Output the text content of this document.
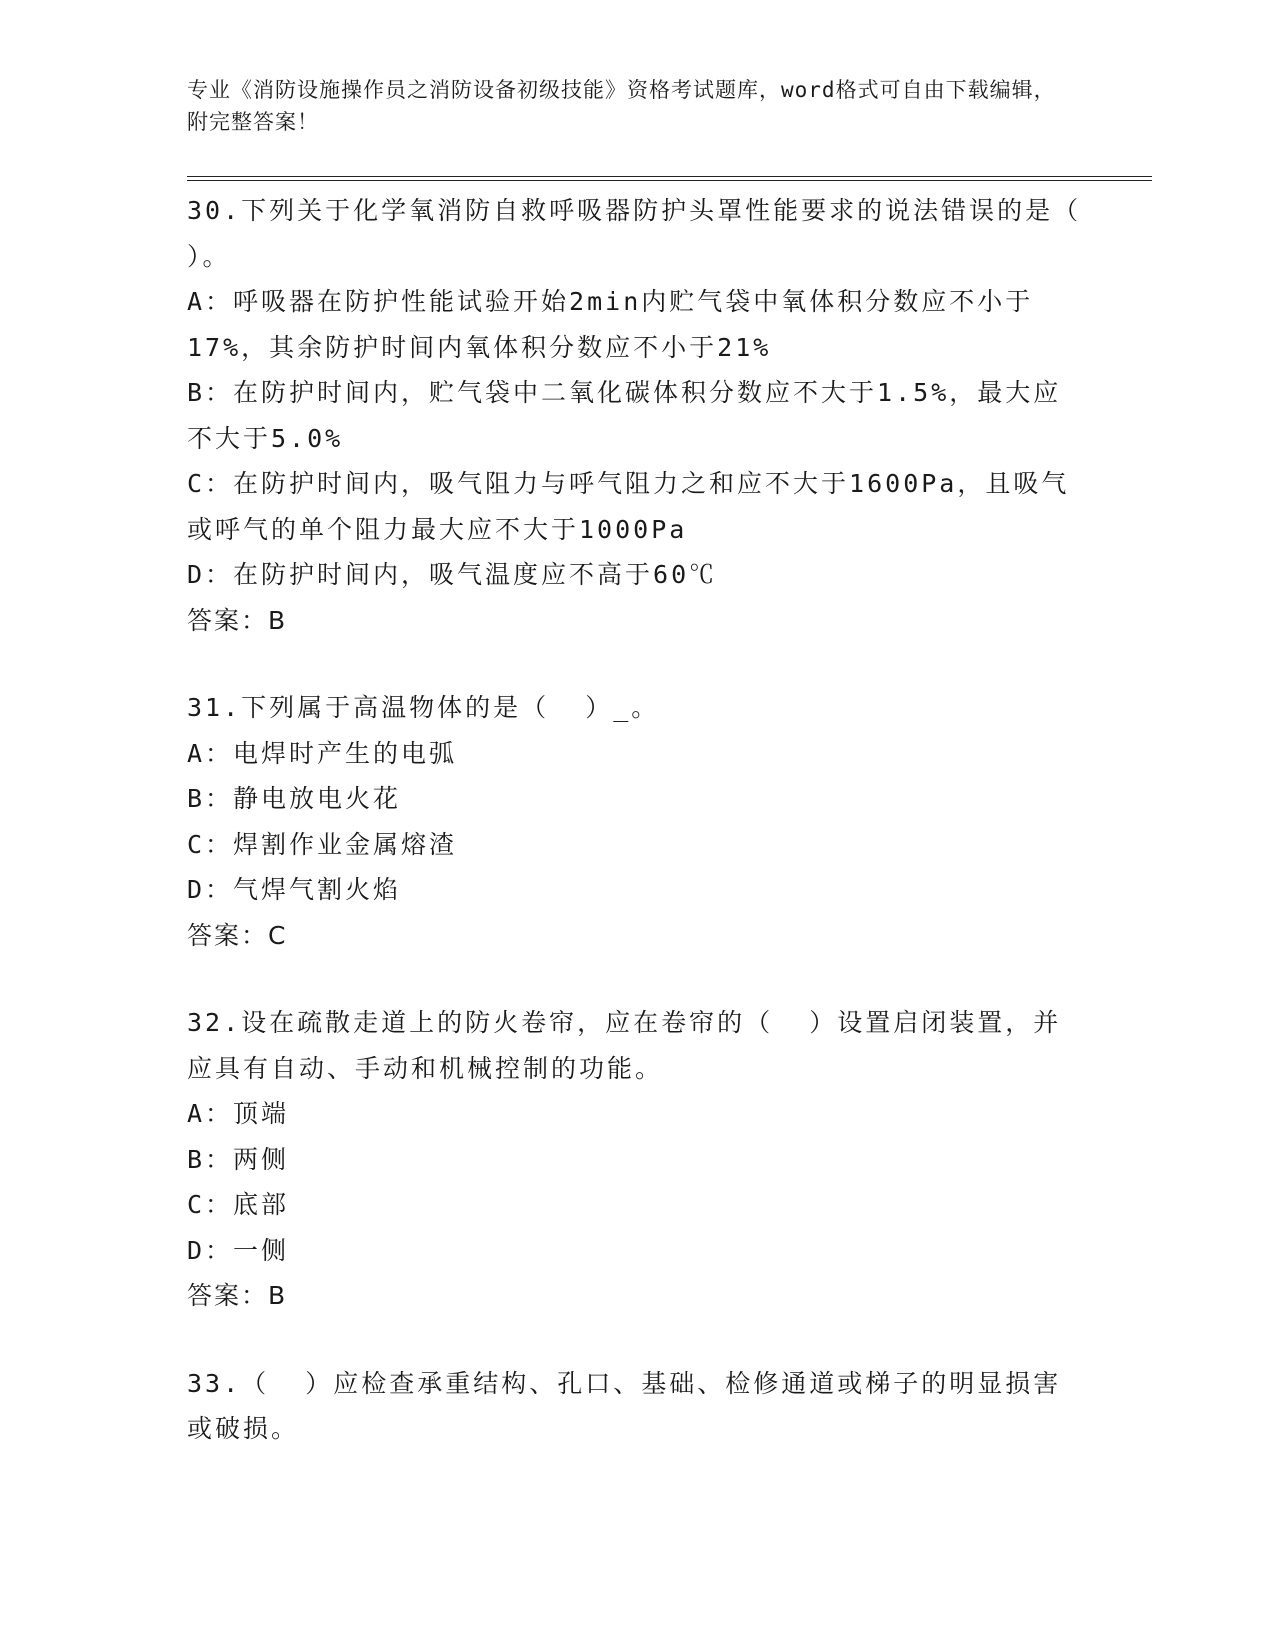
专业《消防设施操作员之消防设备初级技能》资格考试题库，word格式可自由下载编辑，附完整答案！
30.下列关于化学氧消防自救呼吸器防护头罩性能要求的说法错误的是（  ）。
A：呼吸器在防护性能试验开始2min内贮气袋中氧体积分数应不小于17%，其余防护时间内氧体积分数应不小于21%
B：在防护时间内，贮气袋中二氧化碳体积分数应不大于1.5%，最大应不大于5.0%
C：在防护时间内，吸气阻力与呼气阻力之和应不大于1600Pa，且吸气或呼气的单个阻力最大应不大于1000Pa
D：在防护时间内，吸气温度应不高于60℃
答案：B
31.下列属于高温物体的是（  ）_。
A：电焊时产生的电弧
B：静电放电火花
C：焊割作业金属熔渣
D：气焊气割火焰
答案：C
32.设在疏散走道上的防火卷帘，应在卷帘的（  ）设置启闭装置，并应具有自动、手动和机械控制的功能。
A：顶端
B：两侧
C：底部
D：一侧
答案：B
33.（  ）应检查承重结构、孔口、基础、检修通道或梯子的明显损害或破损。
